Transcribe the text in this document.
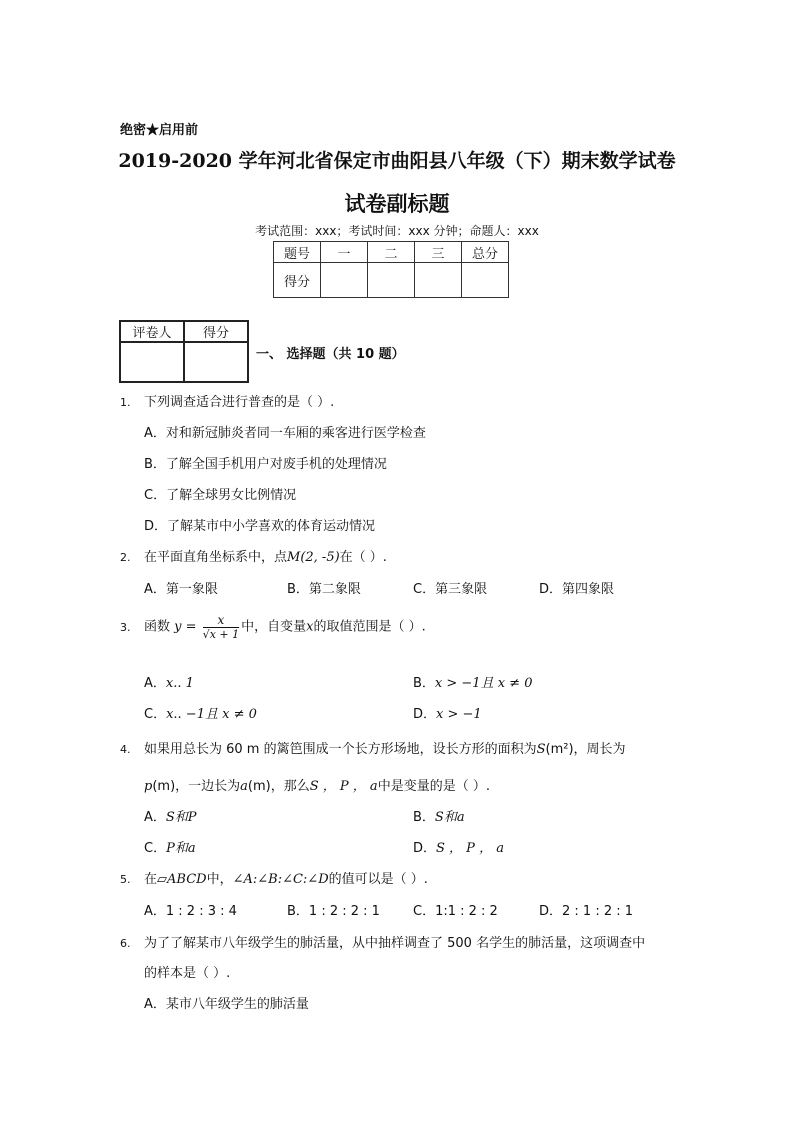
绝密★启用前
2019-2020 学年河北省保定市曲阳县八年级（下）期末数学试卷
试卷副标题
考试范围：xxx；考试时间：xxx 分钟；命题人：xxx
题号	一	二	三	总分
得分				
评卷人	得分

一、 选择题（共 10 题）
1. 下列调查适合进行普查的是（ ）.
A．对和新冠肺炎者同一车厢的乘客进行医学检查
B．了解全国手机用户对废手机的处理情况
C．了解全球男女比例情况
D．了解某市中小学喜欢的体育运动情况
2. 在平面直角坐标系中，点M(2, -5)在（ ）.
A．第一象限	B．第二象限	C．第三象限	D．第四象限
3. 函数 $y = \frac{x}{√x + 1}$ 中，自变量x的取值范围是（ ）.
A．x.. 1	B．x > −1且 x ≠ 0
C．x.. −1且 x ≠ 0	D．x > −1
4. 如果用总长为 60 m 的篱笆围成一个长方形场地，设长方形的面积为S(m²)，周长为
p(m)，一边长为a(m)，那么S ， P ， a中是变量的是（ ）.
A．S和P	B．S和a
C．P和a	D．S ， P ， a
5. 在▱ABCD中，∠A:∠B:∠C:∠D的值可以是（ ）.
A．1 : 2 : 3 : 4	B．1 : 2 : 2 : 1	C．1:1 : 2 : 2	D．2 : 1 : 2 : 1
6. 为了了解某市八年级学生的肺活量，从中抽样调查了 500 名学生的肺活量，这项调查中
的样本是（ ）.
A．某市八年级学生的肺活量
